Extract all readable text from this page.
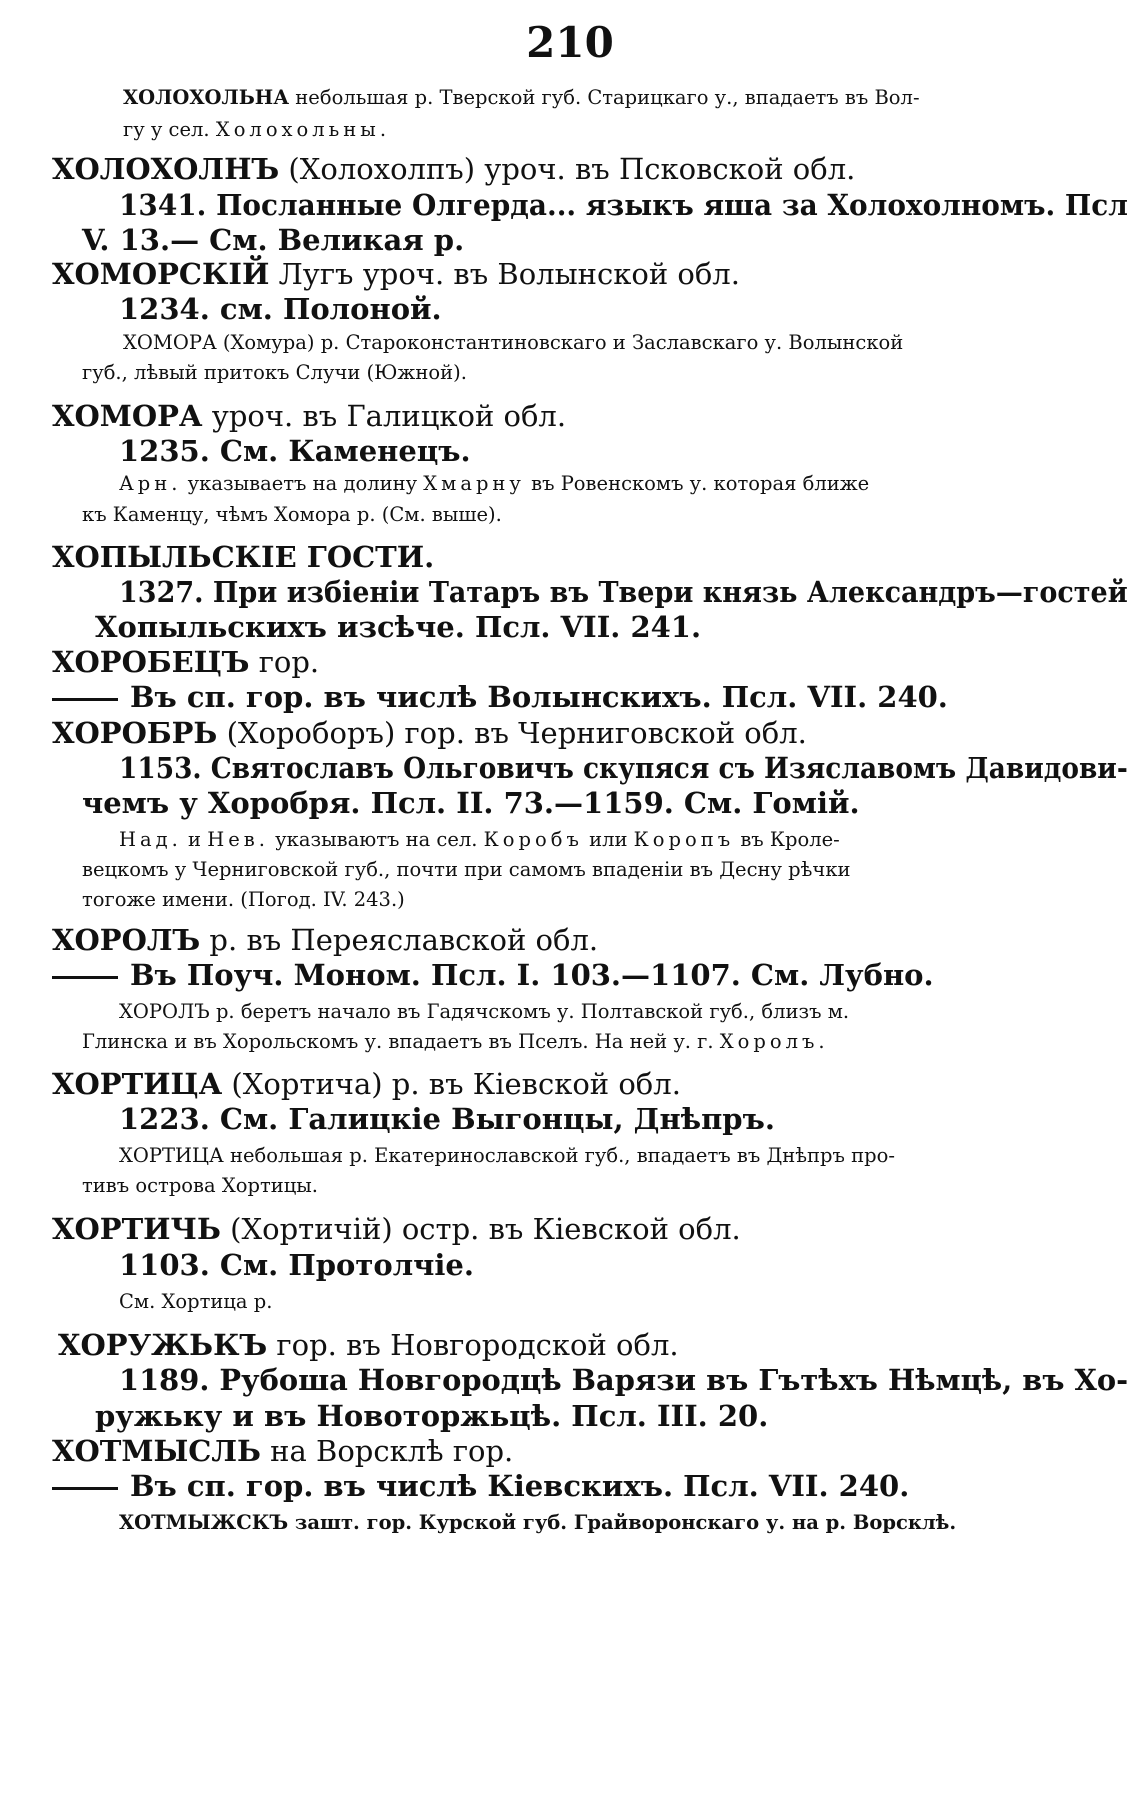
210
ХОЛОХОЛЬНА небольшая р. Тверской губ. Старицкаго у., впадаетъ въ Вол-
гу у сел. Холохольны.
ХОЛОХОЛНЪ (Холохолпъ) уроч. въ Псковской обл.
1341. Посланные Олгерда... языкъ яша за Холохолномъ. Псл
V. 13.— См. Великая р.
ХОМОРСКІЙ Лугъ уроч. въ Волынской обл.
1234. см. Полоной.
ХОМОРА (Хомура) р. Староконстантиновскаго и Заславскаго у. Волынской
губ., лѣвый притокъ Случи (Южной).
ХОМОРА уроч. въ Галицкой обл.
1235. См. Каменецъ.
Арн. указываетъ на долину Хмарну въ Ровенскомъ у. которая ближе
къ Каменцу, чѣмъ Хомора р. (См. выше).
ХОПЫЛЬСКІЕ ГОСТИ.
1327. При избіеніи Татаръ въ Твери князь Александръ—гостей
Хопыльскихъ изсѣче. Псл. VII. 241.
ХОРОБЕЦЪ гор.
Въ сп. гор. въ числѣ Волынскихъ. Псл. VII. 240.
ХОРОБРЬ (Хороборъ) гор. въ Черниговской обл.
1153. Святославъ Ольговичъ скупяся съ Изяславомъ Давидови-
чемъ у Хоробря. Псл. II. 73.—1159. См. Гомій.
Над. и Нев. указываютъ на сел. Коробъ или Коропъ въ Кроле-
вецкомъ у Черниговской губ., почти при самомъ впаденіи въ Десну рѣчки
тогоже имени. (Погод. IV. 243.)
ХОРОЛЪ р. въ Переяславской обл.
Въ Поуч. Моном. Псл. I. 103.—1107. См. Лубно.
ХОРОЛЪ р. беретъ начало въ Гадячскомъ у. Полтавской губ., близъ м.
Глинска и въ Хорольскомъ у. впадаетъ въ Пселъ. На ней у. г. Хоролъ.
ХОРТИЦА (Хортича) р. въ Кіевской обл.
1223. См. Галицкіе Выгонцы, Днѣпръ.
ХОРТИЦА небольшая р. Екатеринославской губ., впадаетъ въ Днѣпръ про-
тивъ острова Хортицы.
ХОРТИЧЬ (Хортичій) остр. въ Кіевской обл.
1103. См. Протолчіе.
См. Хортица р.
ХОРУЖЬКЪ гор. въ Новгородской обл.
1189. Рубоша Новгородцѣ Варязи въ Гътѣхъ Нѣмцѣ, въ Хо-
ружьку и въ Новоторжьцѣ. Псл. III. 20.
ХОТМЫСЛЬ на Ворсклѣ гор.
Въ сп. гор. въ числѣ Кіевскихъ. Псл. VII. 240.
ХОТМЫЖСКЪ зашт. гор. Курской губ. Грайворонскаго у. на р. Ворсклѣ.
